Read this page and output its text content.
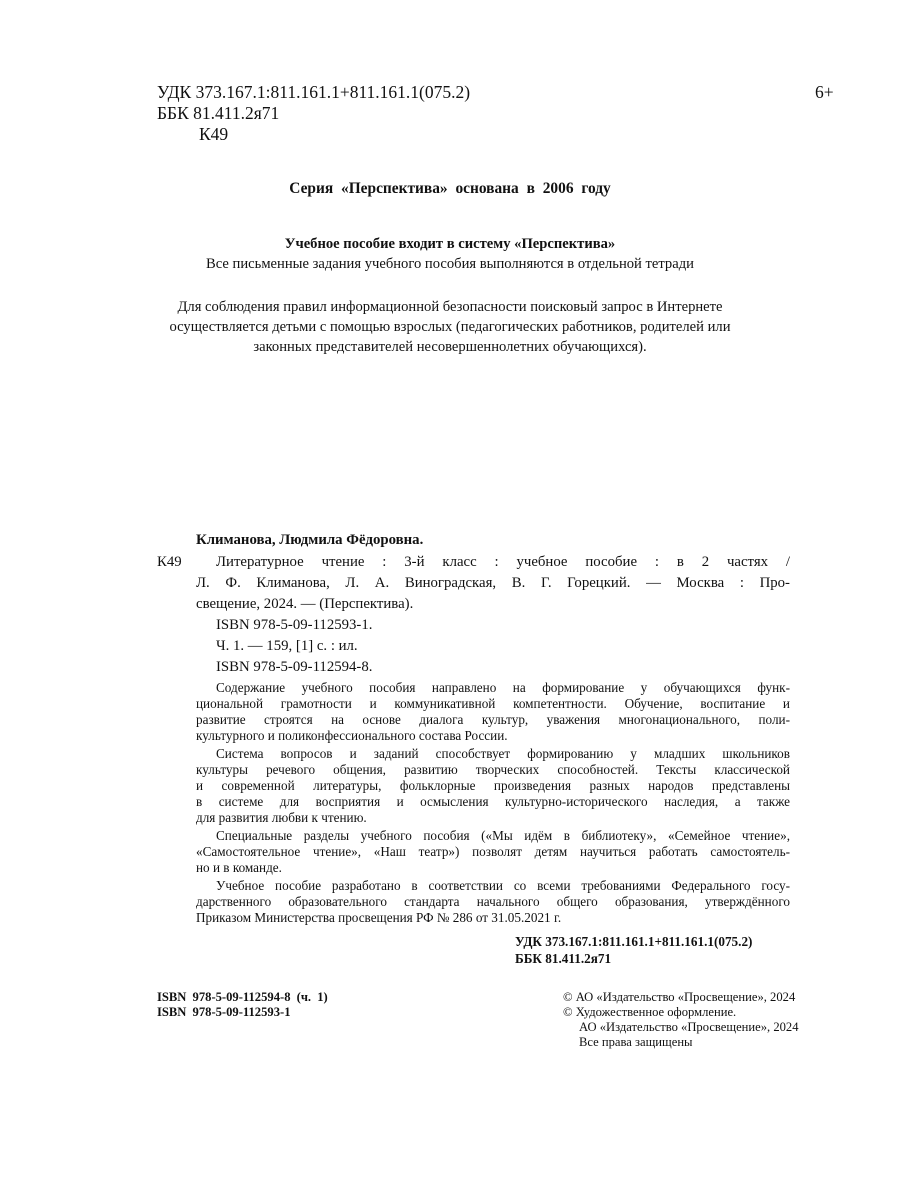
УДК 373.167.1:811.161.1+811.161.1(075.2)
ББК 81.411.2я71
К49
6+
Серия «Перспектива» основана в 2006 году
Учебное пособие входит в систему «Перспектива»
Все письменные задания учебного пособия выполняются в отдельной тетради
Для соблюдения правил информационной безопасности поисковый запрос в Интернете
осуществляется детьми с помощью взрослых (педагогических работников, родителей или
законных представителей несовершеннолетних обучающихся).
Климанова, Людмила Фёдоровна.
К49 Литературное чтение : 3-й класс : учебное пособие : в 2 частях /
Л. Ф. Климанова, Л. А. Виноградская, В. Г. Горецкий. — Москва : Про-
свещение, 2024. — (Перспектива).
ISBN 978-5-09-112593-1.
Ч. 1. — 159, [1] с. : ил.
ISBN 978-5-09-112594-8.
Содержание учебного пособия направлено на формирование у обучающихся функ-
циональной грамотности и коммуникативной компетентности. Обучение, воспитание и
развитие строятся на основе диалога культур, уважения многонационального, поли-
культурного и поликонфессионального состава России.
Система вопросов и заданий способствует формированию у младших школьников
культуры речевого общения, развитию творческих способностей. Тексты классической
и современной литературы, фольклорные произведения разных народов представлены
в системе для восприятия и осмысления культурно-исторического наследия, а также
для развития любви к чтению.
Специальные разделы учебного пособия («Мы идём в библиотеку», «Семейное чтение»,
«Самостоятельное чтение», «Наш театр») позволят детям научиться работать самостоятель-
но и в команде.
Учебное пособие разработано в соответствии со всеми требованиями Федерального госу-
дарственного образовательного стандарта начального общего образования, утверждённого
Приказом Министерства просвещения РФ № 286 от 31.05.2021 г.
УДК 373.167.1:811.161.1+811.161.1(075.2)
ББК 81.411.2я71
ISBN 978-5-09-112594-8 (ч. 1)
ISBN 978-5-09-112593-1
© АО «Издательство «Просвещение», 2024
© Художественное оформление.
АО «Издательство «Просвещение», 2024
Все права защищены
